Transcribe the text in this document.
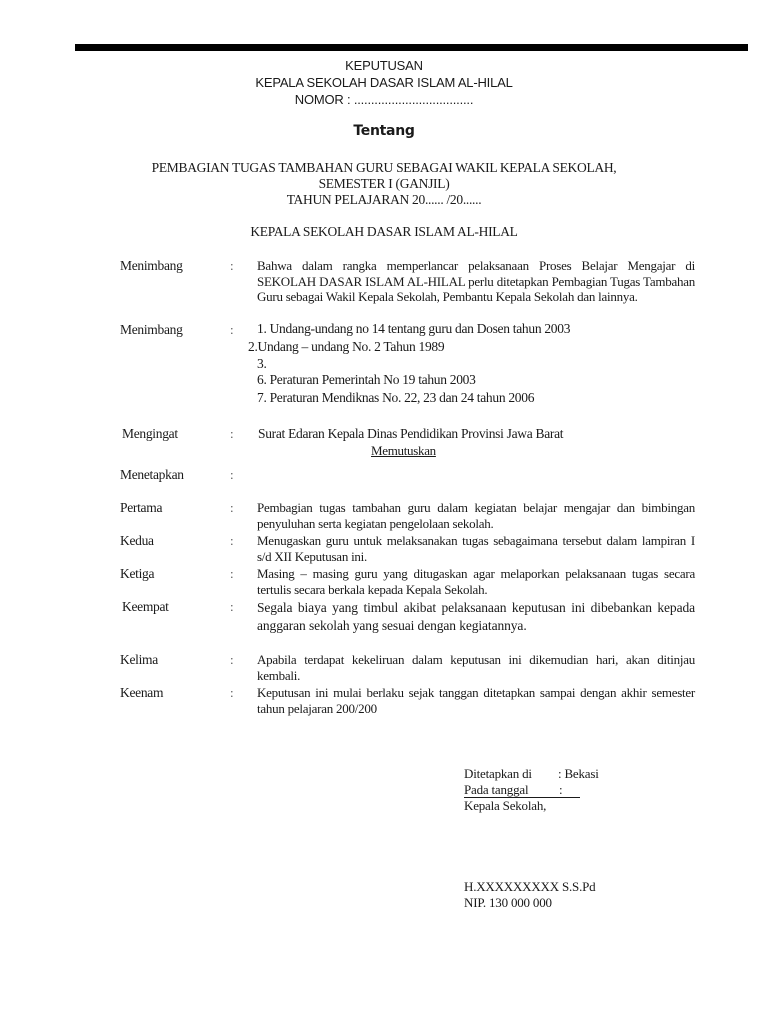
KEPUTUSAN
KEPALA SEKOLAH DASAR ISLAM AL-HILAL
NOMOR : ...................................
Tentang
PEMBAGIAN TUGAS TAMBAHAN GURU SEBAGAI WAKIL KEPALA SEKOLAH,
SEMESTER I (GANJIL)
TAHUN PELAJARAN 20...... /20......
KEPALA SEKOLAH DASAR ISLAM AL-HILAL
Menimbang	: Bahwa dalam rangka memperlancar pelaksanaan Proses Belajar Mengajar di SEKOLAH DASAR ISLAM AL-HILAL perlu ditetapkan Pembagian Tugas Tambahan Guru sebagai Wakil Kepala Sekolah, Pembantu Kepala Sekolah dan lainnya.
Menimbang	: 1. Undang-undang no 14 tentang guru dan Dosen tahun 2003
2.Undang – undang No. 2 Tahun 1989
3.
6. Peraturan Pemerintah No 19 tahun 2003
7. Peraturan Mendiknas No. 22, 23 dan 24 tahun 2006
Mengingat	: Surat Edaran Kepala Dinas Pendidikan Provinsi Jawa Barat
Memutuskan
Menetapkan	:
Pertama	: Pembagian tugas tambahan guru dalam kegiatan belajar mengajar dan bimbingan penyuluhan serta kegiatan pengelolaan sekolah.
Kedua	: Menugaskan guru untuk melaksanakan tugas sebagaimana tersebut dalam lampiran I s/d XII Keputusan ini.
Ketiga	: Masing – masing guru yang ditugaskan agar melaporkan pelaksanaan tugas secara tertulis secara berkala kepada Kepala Sekolah.
Keempat	: Segala biaya yang timbul akibat pelaksanaan keputusan ini dibebankan kepada anggaran sekolah yang sesuai dengan kegiatannya.
Kelima	: Apabila terdapat kekeliruan dalam keputusan ini dikemudian hari, akan ditinjau kembali.
Keenam	: Keputusan ini mulai berlaku sejak tanggan ditetapkan sampai dengan akhir semester tahun pelajaran 200/200
Ditetapkan di : Bekasi
Pada tanggal :
Kepala Sekolah,
H.XXXXXXXXX S.S.Pd
NIP. 130 000 000
